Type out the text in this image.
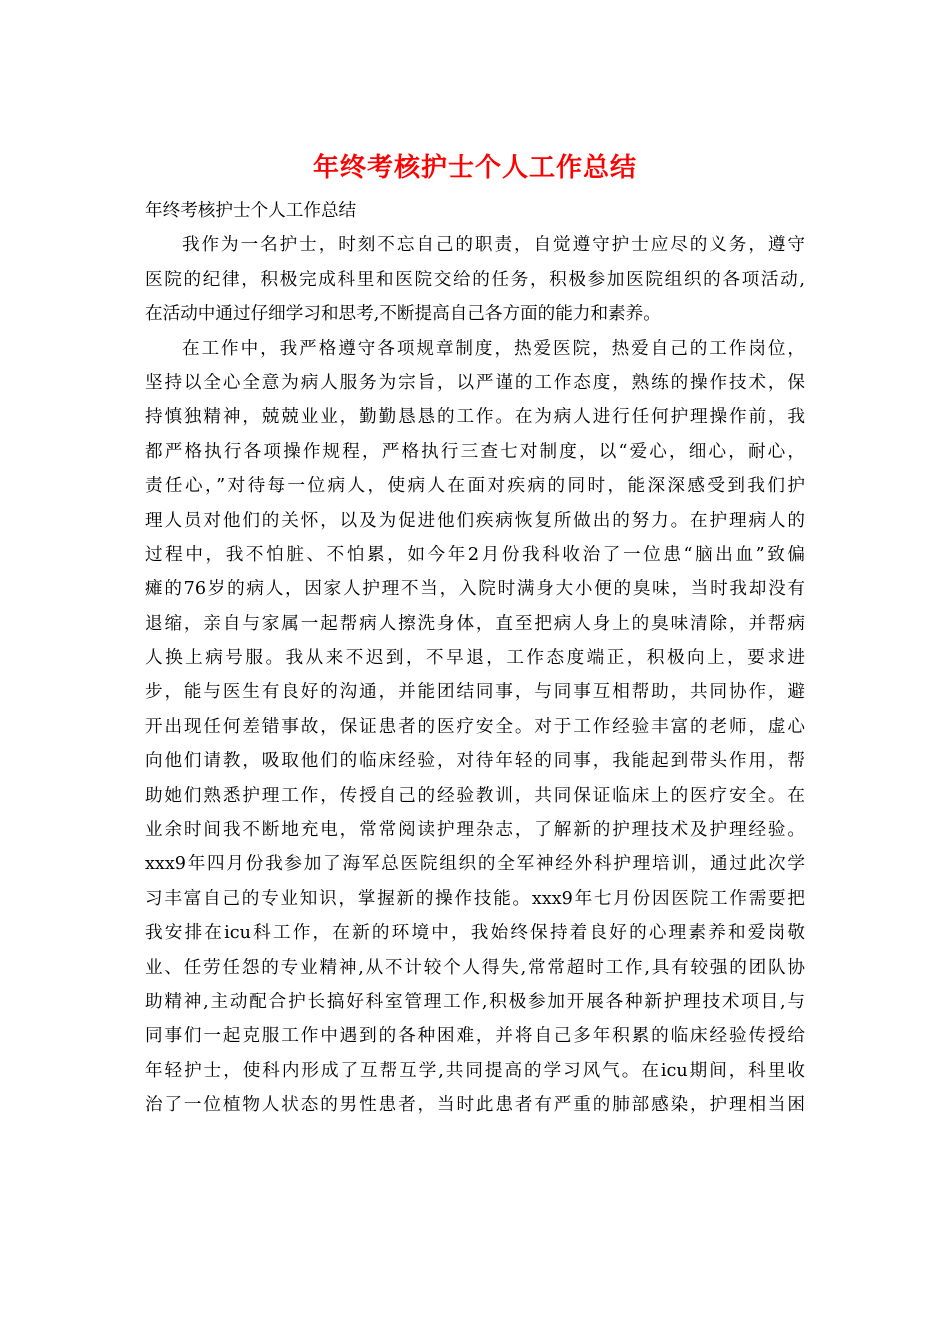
年终考核护士个人工作总结
年终考核护士个人工作总结
我作为一名护士，时刻不忘自己的职责，自觉遵守护士应尽的义务，遵守
医院的纪律，积极完成科里和医院交给的任务，积极参加医院组织的各项活动,
在活动中通过仔细学习和思考,不断提高自己各方面的能力和素养。
在工作中，我严格遵守各项规章制度，热爱医院，热爱自己的工作岗位，
坚持以全心全意为病人服务为宗旨，以严谨的工作态度，熟练的操作技术，保
持慎独精神，兢兢业业，勤勤恳恳的工作。在为病人进行任何护理操作前，我
都严格执行各项操作规程，严格执行三查七对制度，以“爱心，细心，耐心，
责任心，”对待每一位病人，使病人在面对疾病的同时，能深深感受到我们护
理人员对他们的关怀，以及为促进他们疾病恢复所做出的努力。在护理病人的
过程中，我不怕脏、不怕累，如今年2月份我科收治了一位患“脑出血”致偏
瘫的76岁的病人，因家人护理不当，入院时满身大小便的臭味，当时我却没有
退缩，亲自与家属一起帮病人擦洗身体，直至把病人身上的臭味清除，并帮病
人换上病号服。我从来不迟到，不早退，工作态度端正，积极向上，要求进
步，能与医生有良好的沟通，并能团结同事，与同事互相帮助，共同协作，避
开出现任何差错事故，保证患者的医疗安全。对于工作经验丰富的老师，虚心
向他们请教，吸取他们的临床经验，对待年轻的同事，我能起到带头作用，帮
助她们熟悉护理工作，传授自己的经验教训，共同保证临床上的医疗安全。在
业余时间我不断地充电，常常阅读护理杂志，了解新的护理技术及护理经验。
xxx9年四月份我参加了海军总医院组织的全军神经外科护理培训，通过此次学
习丰富自己的专业知识，掌握新的操作技能。xxx9年七月份因医院工作需要把
我安排在icu科工作，在新的环境中，我始终保持着良好的心理素养和爱岗敬
业、任劳任怨的专业精神,从不计较个人得失,常常超时工作,具有较强的团队协
助精神,主动配合护长搞好科室管理工作,积极参加开展各种新护理技术项目,与
同事们一起克服工作中遇到的各种困难，并将自己多年积累的临床经验传授给
年轻护士，使科内形成了互帮互学,共同提高的学习风气。在icu期间，科里收
治了一位植物人状态的男性患者，当时此患者有严重的肺部感染，护理相当困
